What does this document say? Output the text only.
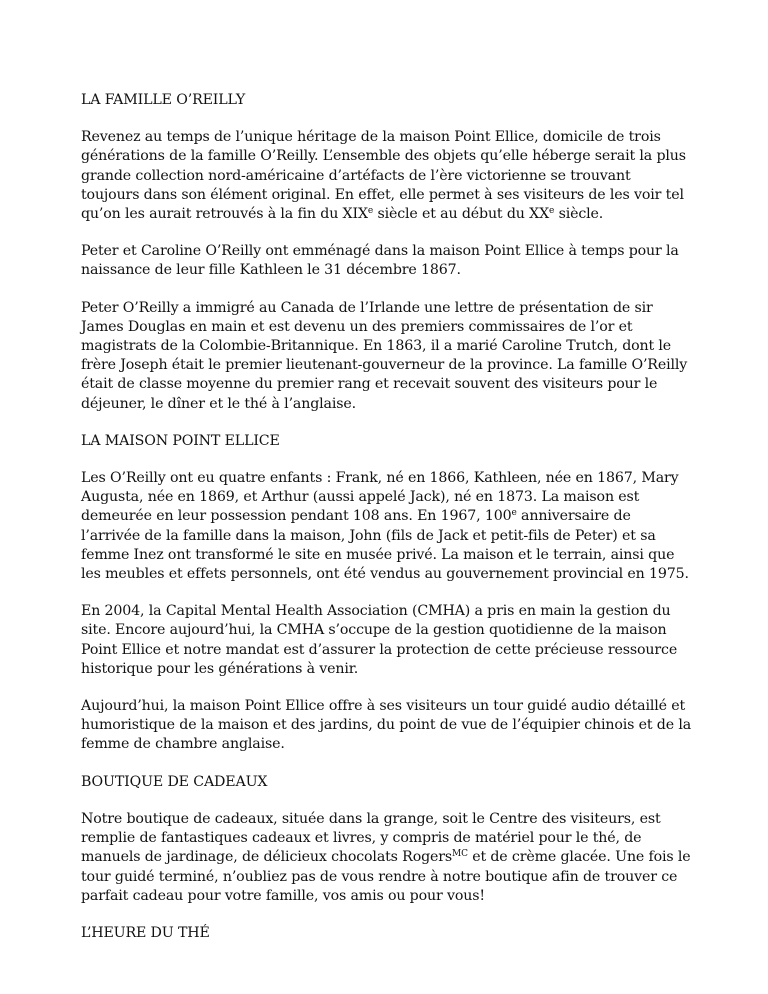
LA FAMILLE O’REILLY

Revenez au temps de l’unique héritage de la maison Point Ellice, domicile de trois générations de la famille O’Reilly. L’ensemble des objets qu’elle héberge serait la plus grande collection nord-américaine d’artéfacts de l’ère victorienne se trouvant toujours dans son élément original. En effet, elle permet à ses visiteurs de les voir tel qu’on les aurait retrouvés à la fin du XIXe siècle et au début du XXe siècle.

Peter et Caroline O’Reilly ont emménagé dans la maison Point Ellice à temps pour la naissance de leur fille Kathleen le 31 décembre 1867.

Peter O’Reilly a immigré au Canada de l’Irlande une lettre de présentation de sir James Douglas en main et est devenu un des premiers commissaires de l’or et magistrats de la Colombie-Britannique. En 1863, il a marié Caroline Trutch, dont le frère Joseph était le premier lieutenant-gouverneur de la province. La famille O’Reilly était de classe moyenne du premier rang et recevait souvent des visiteurs pour le déjeuner, le dîner et le thé à l’anglaise.

LA MAISON POINT ELLICE

Les O’Reilly ont eu quatre enfants : Frank, né en 1866, Kathleen, née en 1867, Mary Augusta, née en 1869, et Arthur (aussi appelé Jack), né en 1873. La maison est demeurée en leur possession pendant 108 ans. En 1967, 100e anniversaire de l’arrivée de la famille dans la maison, John (fils de Jack et petit-fils de Peter) et sa femme Inez ont transformé le site en musée privé. La maison et le terrain, ainsi que les meubles et effets personnels, ont été vendus au gouvernement provincial en 1975.

En 2004, la Capital Mental Health Association (CMHA) a pris en main la gestion du site. Encore aujourd’hui, la CMHA s’occupe de la gestion quotidienne de la maison Point Ellice et notre mandat est d’assurer la protection de cette précieuse ressource historique pour les générations à venir.

Aujourd’hui, la maison Point Ellice offre à ses visiteurs un tour guidé audio détaillé et humoristique de la maison et des jardins, du point de vue de l’équipier chinois et de la femme de chambre anglaise.

BOUTIQUE DE CADEAUX

Notre boutique de cadeaux, située dans la grange, soit le Centre des visiteurs, est remplie de fantastiques cadeaux et livres, y compris de matériel pour le thé, de manuels de jardinage, de délicieux chocolats Rogers$^{MC}$ et de crème glacée. Une fois le tour guidé terminé, n’oubliez pas de vous rendre à notre boutique afin de trouver ce parfait cadeau pour votre famille, vos amis ou pour vous!

L’HEURE DU THÉ
